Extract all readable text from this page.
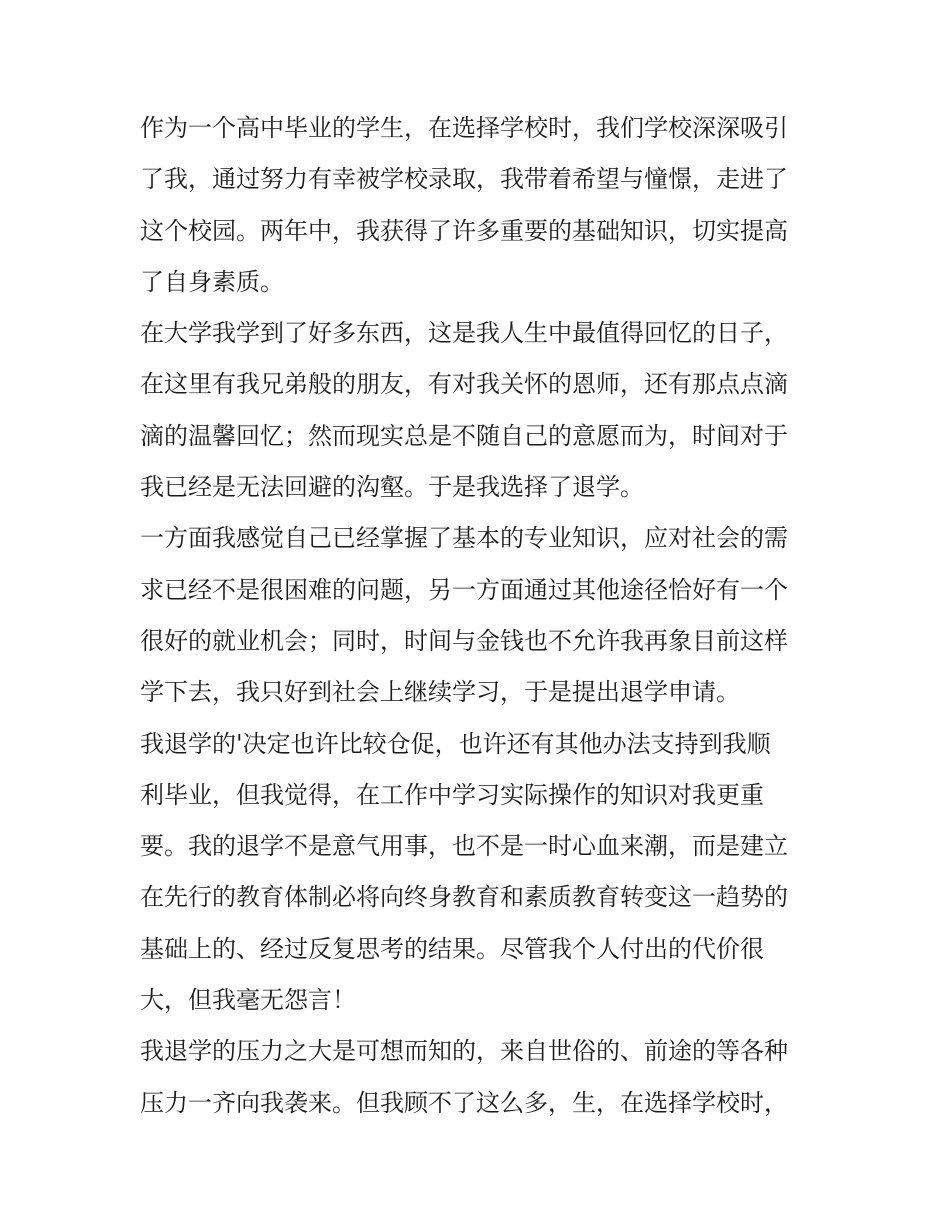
作为一个高中毕业的学生，在选择学校时，我们学校深深吸引
了我，通过努力有幸被学校录取，我带着希望与憧憬，走进了
这个校园。两年中，我获得了许多重要的基础知识，切实提高
了自身素质。
在大学我学到了好多东西，这是我人生中最值得回忆的日子，
在这里有我兄弟般的朋友，有对我关怀的恩师，还有那点点滴
滴的温馨回忆；然而现实总是不随自己的意愿而为，时间对于
我已经是无法回避的沟壑。于是我选择了退学。
一方面我感觉自己已经掌握了基本的专业知识，应对社会的需
求已经不是很困难的问题，另一方面通过其他途径恰好有一个
很好的就业机会；同时，时间与金钱也不允许我再象目前这样
学下去，我只好到社会上继续学习，于是提出退学申请。
我退学的'决定也许比较仓促，也许还有其他办法支持到我顺
利毕业，但我觉得，在工作中学习实际操作的知识对我更重
要。我的退学不是意气用事，也不是一时心血来潮，而是建立
在先行的教育体制必将向终身教育和素质教育转变这一趋势的
基础上的、经过反复思考的结果。尽管我个人付出的代价很
大，但我毫无怨言！
我退学的压力之大是可想而知的，来自世俗的、前途的等各种
压力一齐向我袭来。但我顾不了这么多，生，在选择学校时，
